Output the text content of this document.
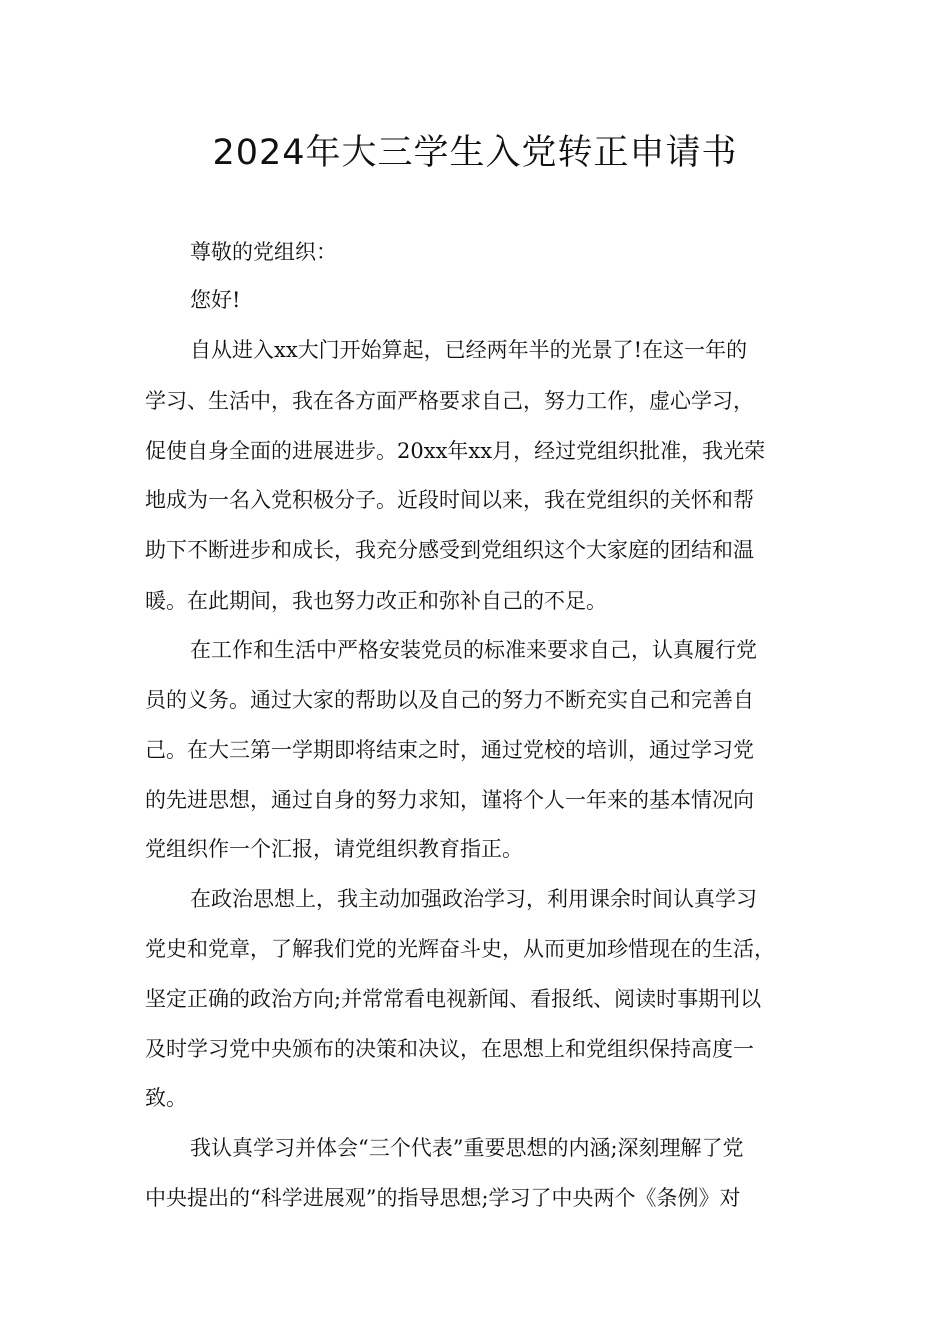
2024年大三学生入党转正申请书
尊敬的党组织：
您好!
自从进入xx大门开始算起，已经两年半的光景了!在这一年的
学习、生活中，我在各方面严格要求自己，努力工作，虚心学习，
促使自身全面的进展进步。20xx年xx月，经过党组织批准，我光荣
地成为一名入党积极分子。近段时间以来，我在党组织的关怀和帮
助下不断进步和成长，我充分感受到党组织这个大家庭的团结和温
暖。在此期间，我也努力改正和弥补自己的不足。
在工作和生活中严格安装党员的标准来要求自己，认真履行党
员的义务。通过大家的帮助以及自己的努力不断充实自己和完善自
己。在大三第一学期即将结束之时，通过党校的培训，通过学习党
的先进思想，通过自身的努力求知，谨将个人一年来的基本情况向
党组织作一个汇报，请党组织教育指正。
在政治思想上，我主动加强政治学习，利用课余时间认真学习
党史和党章，了解我们党的光辉奋斗史，从而更加珍惜现在的生活，
坚定正确的政治方向;并常常看电视新闻、看报纸、阅读时事期刊以
及时学习党中央颁布的决策和决议，在思想上和党组织保持高度一
致。
我认真学习并体会“三个代表”重要思想的内涵;深刻理解了党
中央提出的“科学进展观”的指导思想;学习了中央两个《条例》对
